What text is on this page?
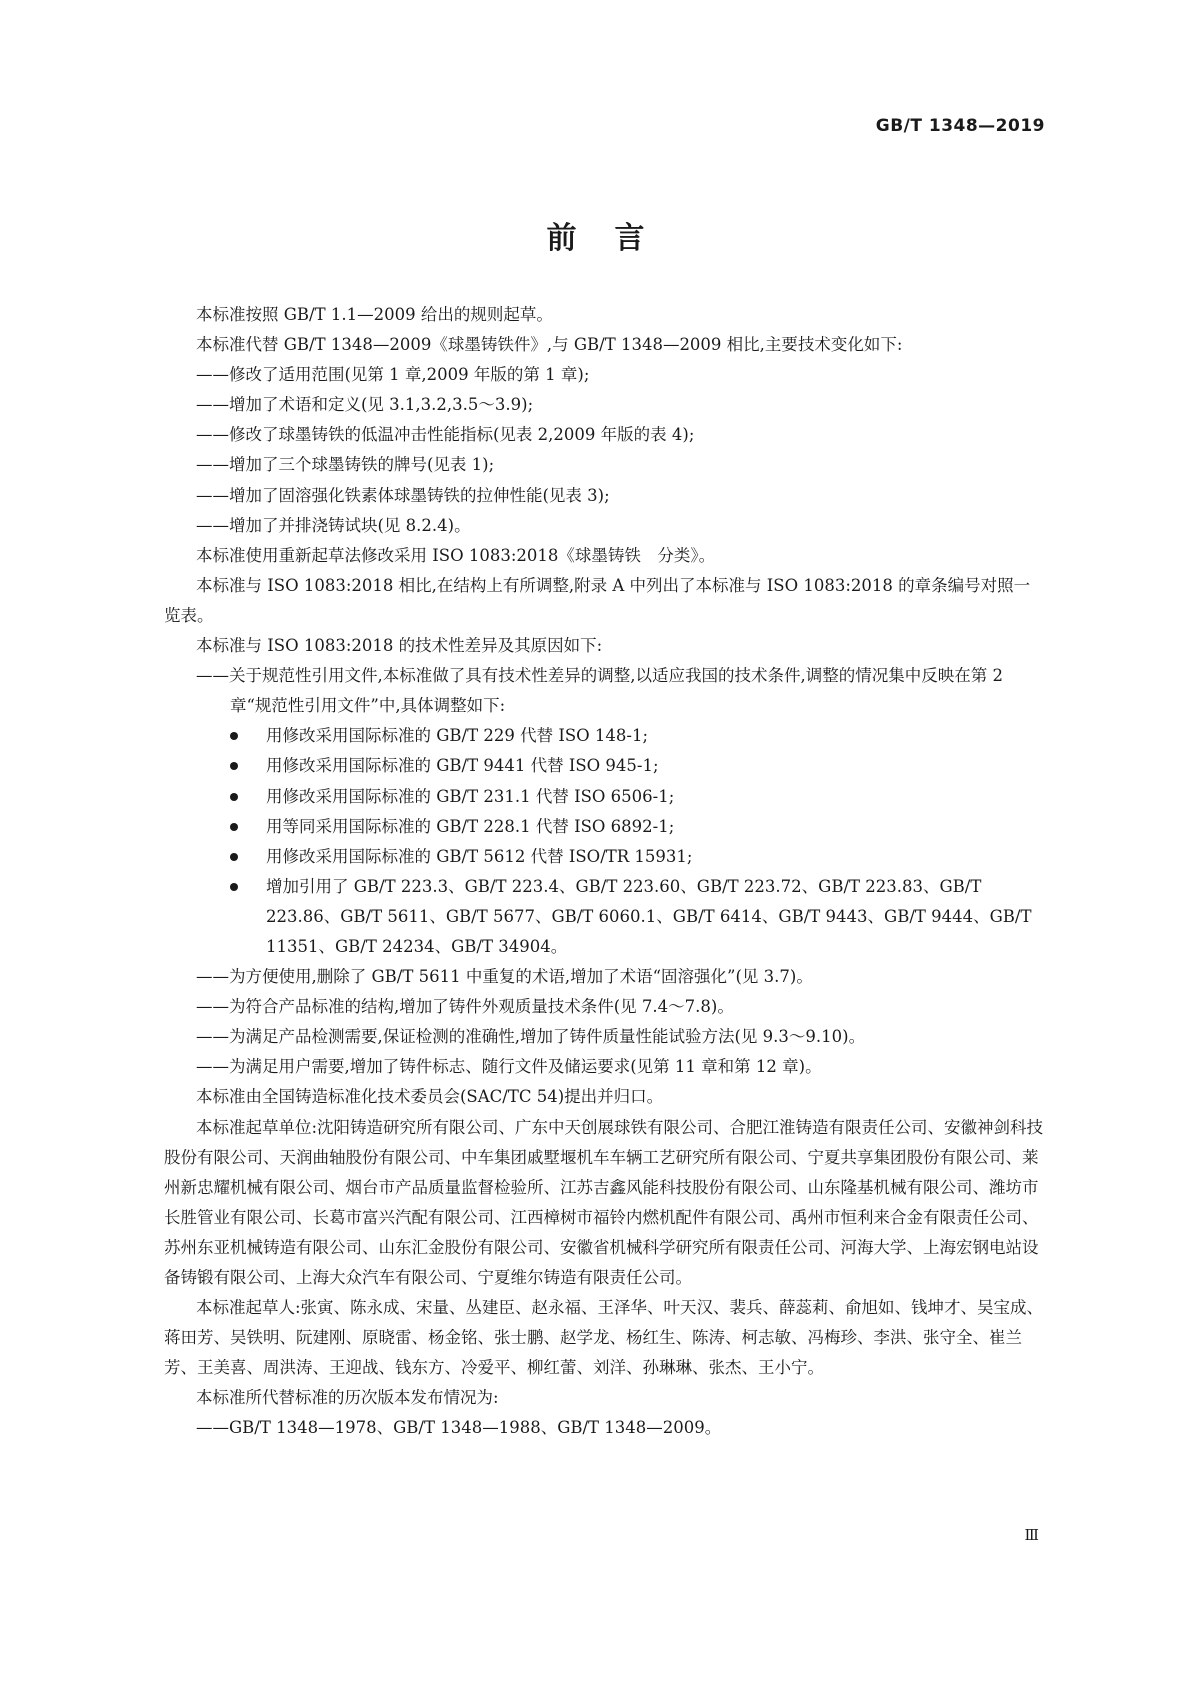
GB/T 1348—2019
前言

本标准按照 GB/T 1.1—2009 给出的规则起草。

本标准代替 GB/T 1348—2009《球墨铸铁件》,与 GB/T 1348—2009 相比,主要技术变化如下:

——修改了适用范围(见第 1 章,2009 年版的第 1 章);

——增加了术语和定义(见 3.1,3.2,3.5～3.9);

——修改了球墨铸铁的低温冲击性能指标(见表 2,2009 年版的表 4);

——增加了三个球墨铸铁的牌号(见表 1);

——增加了固溶强化铁素体球墨铸铁的拉伸性能(见表 3);

——增加了并排浇铸试块(见 8.2.4)。

本标准使用重新起草法修改采用 ISO 1083:2018《球墨铸铁　分类》。

本标准与 ISO 1083:2018 相比,在结构上有所调整,附录 A 中列出了本标准与 ISO 1083:2018 的章条编号对照一览表。

本标准与 ISO 1083:2018 的技术性差异及其原因如下:

——关于规范性引用文件,本标准做了具有技术性差异的调整,以适应我国的技术条件,调整的情况集中反映在第 2 章“规范性引用文件”中,具体调整如下:

用修改采用国际标准的 GB/T 229 代替 ISO 148-1;
用修改采用国际标准的 GB/T 9441 代替 ISO 945-1;
用修改采用国际标准的 GB/T 231.1 代替 ISO 6506-1;
用等同采用国际标准的 GB/T 228.1 代替 ISO 6892-1;
用修改采用国际标准的 GB/T 5612 代替 ISO/TR 15931;
增加引用了 GB/T 223.3、GB/T 223.4、GB/T 223.60、GB/T 223.72、GB/T 223.83、GB/T 223.86、GB/T 5611、GB/T 5677、GB/T 6060.1、GB/T 6414、GB/T 9443、GB/T 9444、GB/T 11351、GB/T 24234、GB/T 34904。

——为方便使用,删除了 GB/T 5611 中重复的术语,增加了术语“固溶强化”(见 3.7)。

——为符合产品标准的结构,增加了铸件外观质量技术条件(见 7.4～7.8)。

——为满足产品检测需要,保证检测的准确性,增加了铸件质量性能试验方法(见 9.3～9.10)。

——为满足用户需要,增加了铸件标志、随行文件及储运要求(见第 11 章和第 12 章)。

本标准由全国铸造标准化技术委员会(SAC/TC 54)提出并归口。

本标准起草单位:沈阳铸造研究所有限公司、广东中天创展球铁有限公司、合肥江淮铸造有限责任公司、安徽神剑科技股份有限公司、天润曲轴股份有限公司、中车集团戚墅堰机车车辆工艺研究所有限公司、宁夏共享集团股份有限公司、莱州新忠耀机械有限公司、烟台市产品质量监督检验所、江苏吉鑫风能科技股份有限公司、山东隆基机械有限公司、潍坊市长胜管业有限公司、长葛市富兴汽配有限公司、江西樟树市福铃内燃机配件有限公司、禹州市恒利来合金有限责任公司、苏州东亚机械铸造有限公司、山东汇金股份有限公司、安徽省机械科学研究所有限责任公司、河海大学、上海宏钢电站设备铸锻有限公司、上海大众汽车有限公司、宁夏维尔铸造有限责任公司。

本标准起草人:张寅、陈永成、宋量、丛建臣、赵永福、王泽华、叶天汉、裴兵、薛蕊莉、俞旭如、钱坤才、吴宝成、蒋田芳、吴铁明、阮建刚、原晓雷、杨金铭、张士鹏、赵学龙、杨红生、陈涛、柯志敏、冯梅珍、李洪、张守全、崔兰芳、王美喜、周洪涛、王迎战、钱东方、冷爱平、柳红蕾、刘洋、孙琳琳、张杰、王小宁。

本标准所代替标准的历次版本发布情况为:

——GB/T 1348—1978、GB/T 1348—1988、GB/T 1348—2009。

Ⅲ
